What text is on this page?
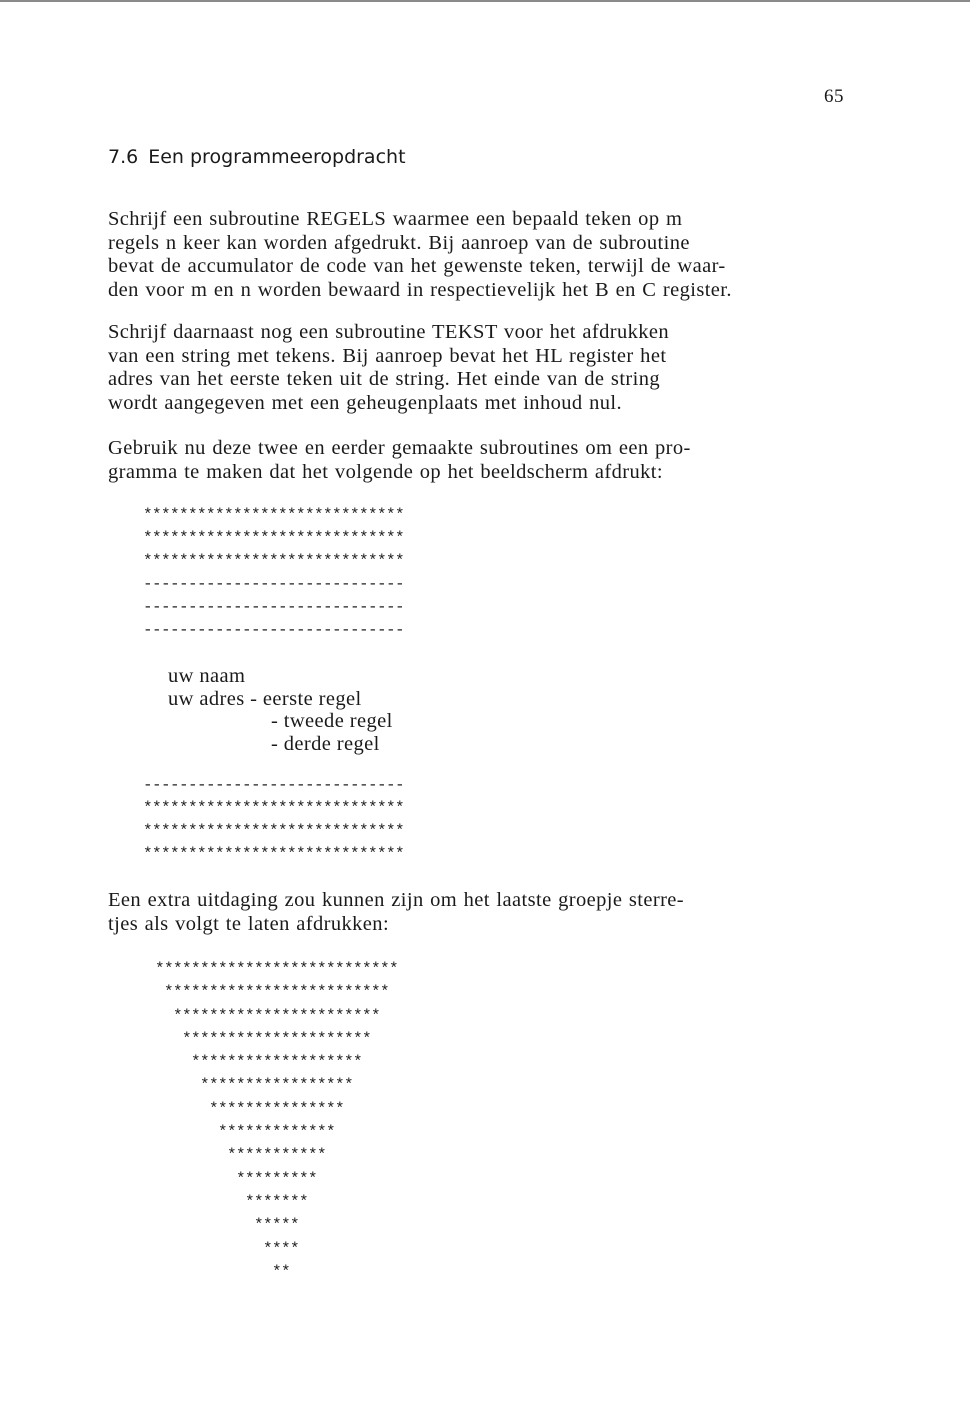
65
7.6 Een programmeeropdracht

Schrijf een subroutine REGELS waarmee een bepaald teken op m
regels n keer kan worden afgedrukt. Bij aanroep van de subroutine
bevat de accumulator de code van het gewenste teken, terwijl de waar-
den voor m en n worden bewaard in respectievelijk het B en C register.

Schrijf daarnaast nog een subroutine TEKST voor het afdrukken
van een string met tekens. Bij aanroep bevat het HL register het
adres van het eerste teken uit de string. Het einde van de string
wordt aangegeven met een geheugenplaats met inhoud nul.

Gebruik nu deze twee en eerder gemaakte subroutines om een pro-
gramma te maken dat het volgende op het beeldscherm afdrukt:

*****************************
*****************************
*****************************
-----------------------------
-----------------------------
-----------------------------
uw naam
uw adres - eerste regel
- tweede regel
- derde regel
-----------------------------
*****************************
*****************************
*****************************

Een extra uitdaging zou kunnen zijn om het laatste groepje sterre-
tjes als volgt te laten afdrukken:

***************************
*************************
***********************
*********************
*******************
*****************
***************
*************
***********
*********
*******
*****
****
**
